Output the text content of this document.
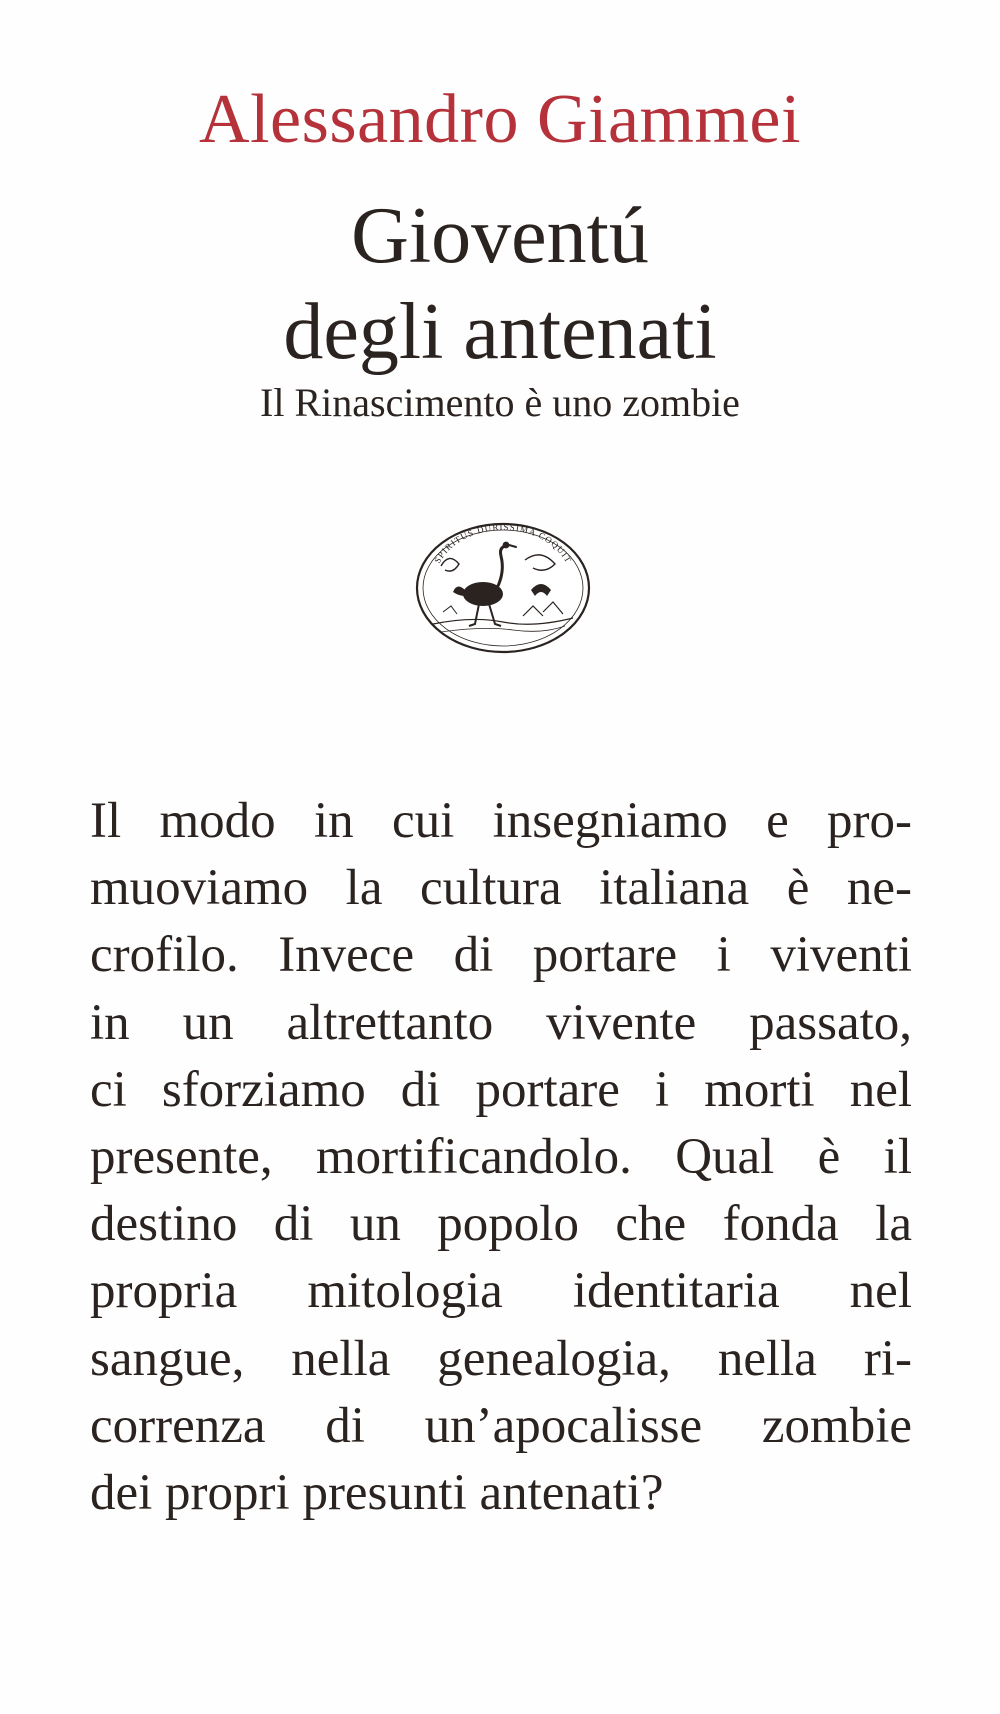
Alessandro Giammei
Gioventú
degli antenati
Il Rinascimento è uno zombie
SPIRITUS DURISSIMA COQUIT
Il modo in cui insegniamo e pro-
muoviamo la cultura italiana è ne-
crofilo. Invece di portare i viventi
in un altrettanto vivente passato,
ci sforziamo di portare i morti nel
presente, mortificandolo. Qual è il
destino di un popolo che fonda la
propria mitologia identitaria nel
sangue, nella genealogia, nella ri-
correnza di un’apocalisse zombie
dei propri presunti antenati?
